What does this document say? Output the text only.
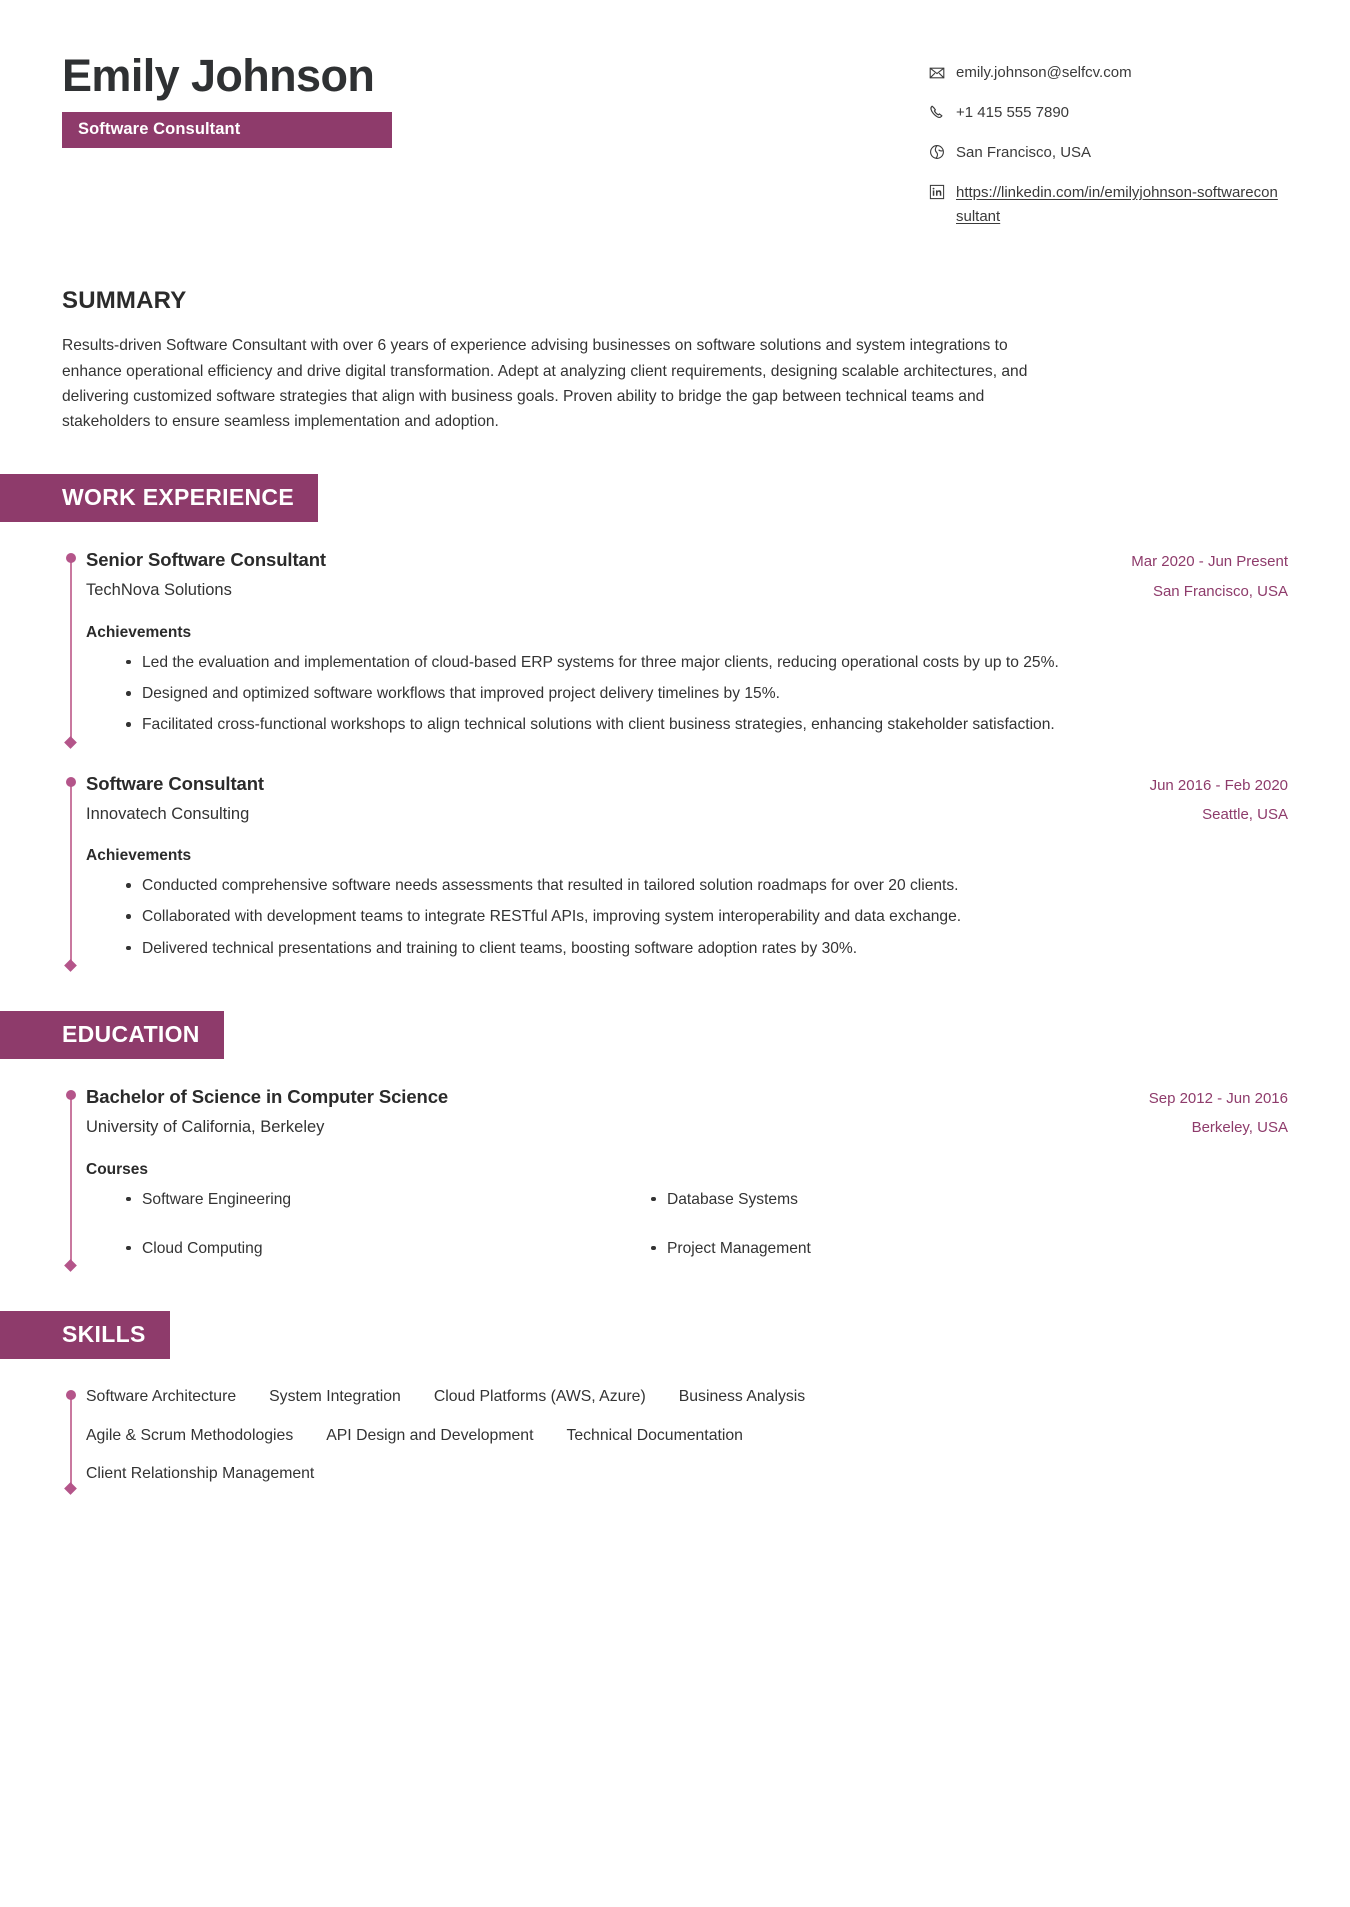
Emily Johnson
Software Consultant
emily.johnson@selfcv.com
+1 415 555 7890
San Francisco, USA
https://linkedin.com/in/emilyjohnson-softwareconsultant
SUMMARY
Results-driven Software Consultant with over 6 years of experience advising businesses on software solutions and system integrations to enhance operational efficiency and drive digital transformation. Adept at analyzing client requirements, designing scalable architectures, and delivering customized software strategies that align with business goals. Proven ability to bridge the gap between technical teams and stakeholders to ensure seamless implementation and adoption.
WORK EXPERIENCE
Senior Software Consultant
TechNova Solutions
Mar 2020 - Jun Present
San Francisco, USA
Achievements
Led the evaluation and implementation of cloud-based ERP systems for three major clients, reducing operational costs by up to 25%.
Designed and optimized software workflows that improved project delivery timelines by 15%.
Facilitated cross-functional workshops to align technical solutions with client business strategies, enhancing stakeholder satisfaction.
Software Consultant
Innovatech Consulting
Jun 2016 - Feb 2020
Seattle, USA
Achievements
Conducted comprehensive software needs assessments that resulted in tailored solution roadmaps for over 20 clients.
Collaborated with development teams to integrate RESTful APIs, improving system interoperability and data exchange.
Delivered technical presentations and training to client teams, boosting software adoption rates by 30%.
EDUCATION
Bachelor of Science in Computer Science
University of California, Berkeley
Sep 2012 - Jun 2016
Berkeley, USA
Courses
Software Engineering	Database Systems
Cloud Computing	Project Management
SKILLS
Software Architecture System Integration Cloud Platforms (AWS, Azure) Business Analysis
Agile & Scrum Methodologies API Design and Development Technical Documentation
Client Relationship Management
